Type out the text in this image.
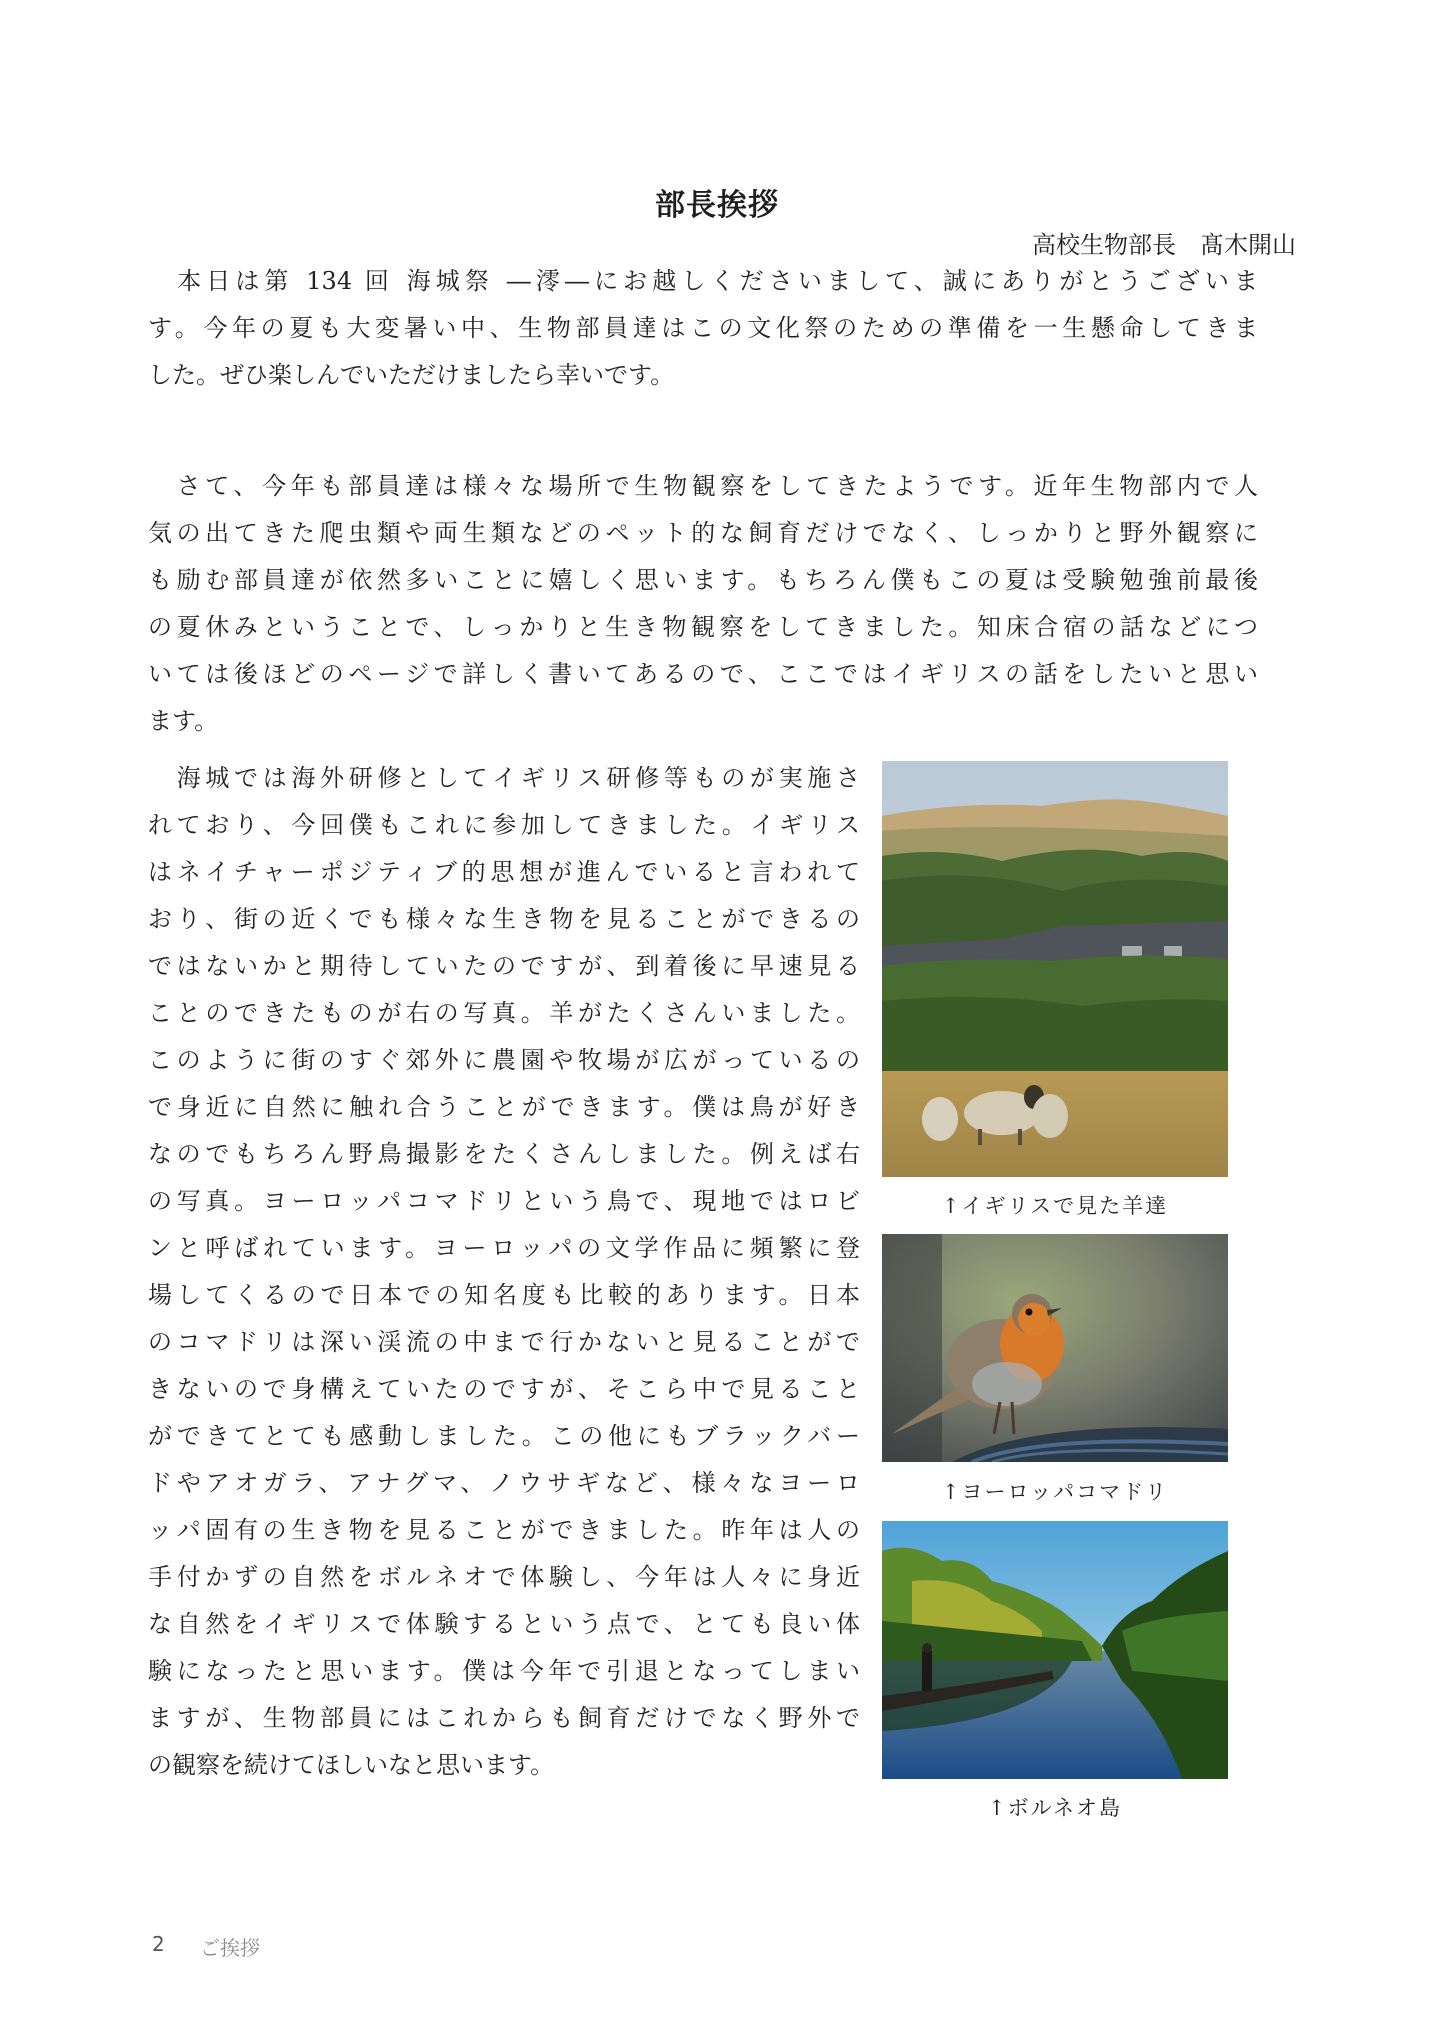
部長挨拶
高校生物部長　髙木開山
　本日は第 134 回 海城祭 ―澪―にお越しくださいまして、誠にありがとうございま
す。今年の夏も大変暑い中、生物部員達はこの文化祭のための準備を一生懸命してきま
した。ぜひ楽しんでいただけましたら幸いです。
　さて、今年も部員達は様々な場所で生物観察をしてきたようです。近年生物部内で人
気の出てきた爬虫類や両生類などのペット的な飼育だけでなく、しっかりと野外観察に
も励む部員達が依然多いことに嬉しく思います。もちろん僕もこの夏は受験勉強前最後
の夏休みということで、しっかりと生き物観察をしてきました。知床合宿の話などにつ
いては後ほどのページで詳しく書いてあるので、ここではイギリスの話をしたいと思い
ます。
　海城では海外研修としてイギリス研修等ものが実施さ
れており、今回僕もこれに参加してきました。イギリス
はネイチャーポジティブ的思想が進んでいると言われて
おり、街の近くでも様々な生き物を見ることができるの
ではないかと期待していたのですが、到着後に早速見る
ことのできたものが右の写真。羊がたくさんいました。
このように街のすぐ郊外に農園や牧場が広がっているの
で身近に自然に触れ合うことができます。僕は鳥が好き
なのでもちろん野鳥撮影をたくさんしました。例えば右
の写真。ヨーロッパコマドリという鳥で、現地ではロビ
ンと呼ばれています。ヨーロッパの文学作品に頻繁に登
場してくるので日本での知名度も比較的あります。日本
のコマドリは深い渓流の中まで行かないと見ることがで
きないので身構えていたのですが、そこら中で見ること
ができてとても感動しました。この他にもブラックバー
ドやアオガラ、アナグマ、ノウサギなど、様々なヨーロ
ッパ固有の生き物を見ることができました。昨年は人の
手付かずの自然をボルネオで体験し、今年は人々に身近
な自然をイギリスで体験するという点で、とても良い体
験になったと思います。僕は今年で引退となってしまい
ますが、生物部員にはこれからも飼育だけでなく野外で
の観察を続けてほしいなと思います。
↑イギリスで見た羊達
↑ヨーロッパコマドリ
↑ボルネオ島
2 ご挨拶
